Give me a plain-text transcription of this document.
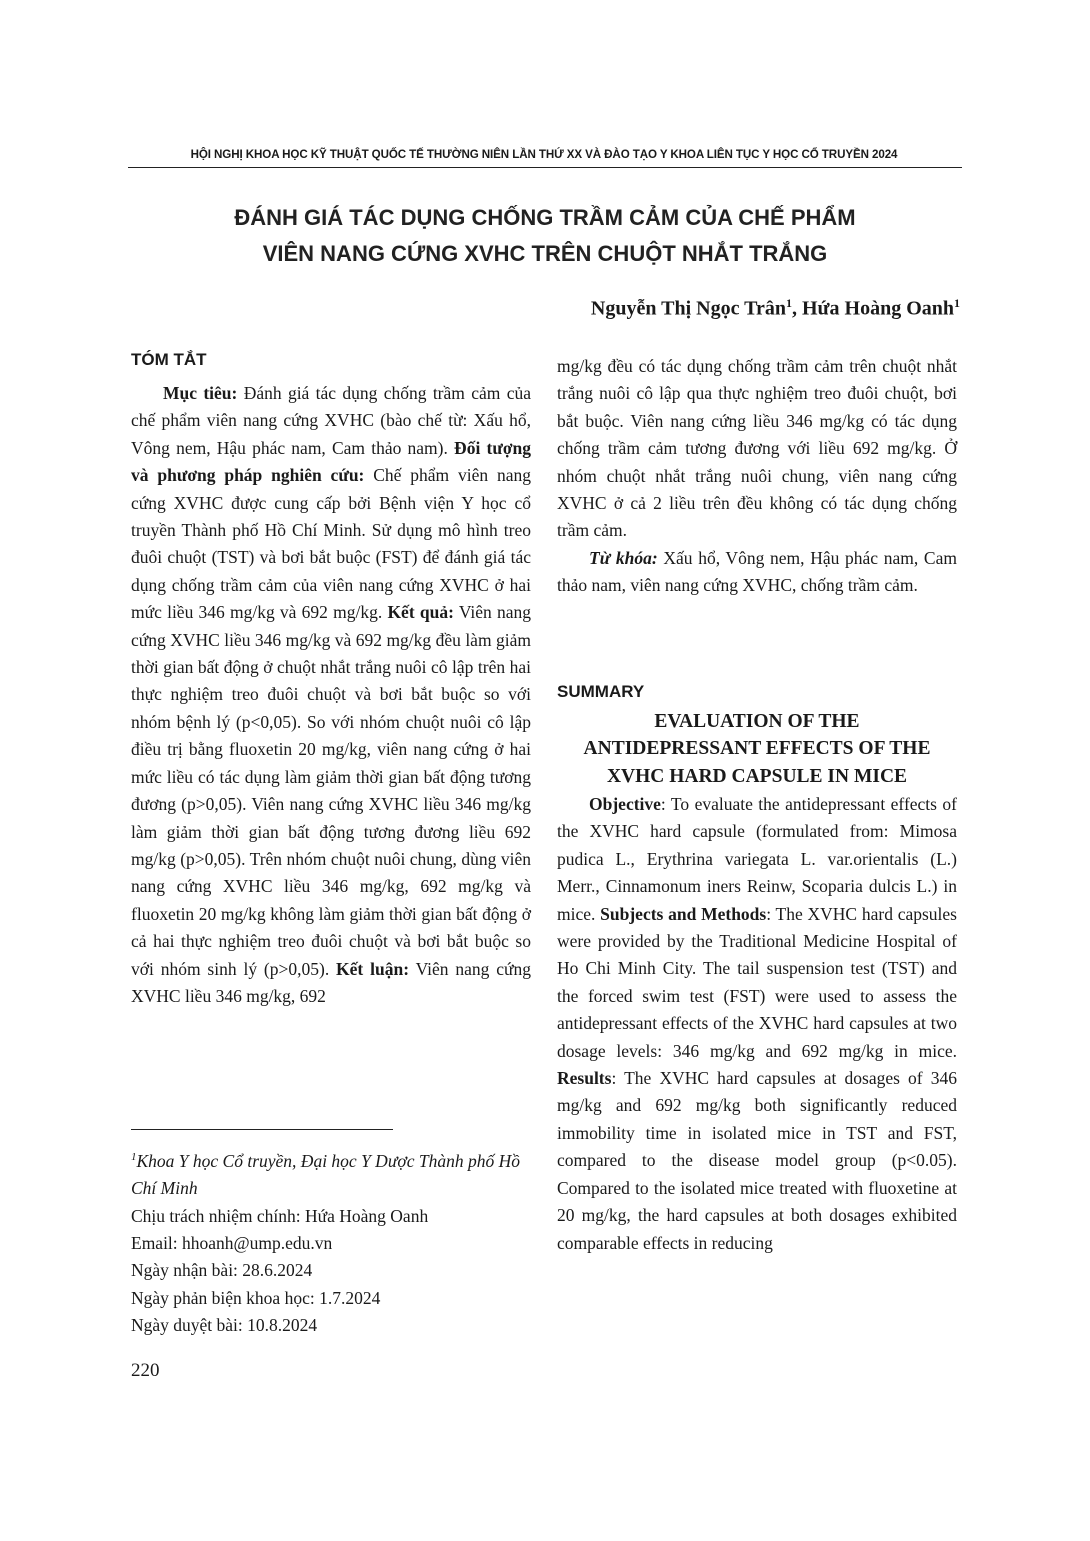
HỘI NGHỊ KHOA HỌC KỸ THUẬT QUỐC TẾ THƯỜNG NIÊN LẦN THỨ XX VÀ ĐÀO TẠO Y KHOA LIÊN TỤC Y HỌC CỔ TRUYỀN 2024
ĐÁNH GIÁ TÁC DỤNG CHỐNG TRẦM CẢM CỦA CHẾ PHẨM
VIÊN NANG CỨNG XVHC TRÊN CHUỘT NHẮT TRẮNG
Nguyễn Thị Ngọc Trân$^1$, Hứa Hoàng Oanh$^1$
TÓM TẮT

Mục tiêu: Đánh giá tác dụng chống trầm cảm của chế phẩm viên nang cứng XVHC (bào chế từ: Xấu hổ, Vông nem, Hậu phác nam, Cam thảo nam). Đối tượng và phương pháp nghiên cứu: Chế phẩm viên nang cứng XVHC được cung cấp bởi Bệnh viện Y học cổ truyền Thành phố Hồ Chí Minh. Sử dụng mô hình treo đuôi chuột (TST) và bơi bắt buộc (FST) để đánh giá tác dụng chống trầm cảm của viên nang cứng XVHC ở hai mức liều 346 mg/kg và 692 mg/kg. Kết quả: Viên nang cứng XVHC liều 346 mg/kg và 692 mg/kg đều làm giảm thời gian bất động ở chuột nhắt trắng nuôi cô lập trên hai thực nghiệm treo đuôi chuột và bơi bắt buộc so với nhóm bệnh lý (p<0,05). So với nhóm chuột nuôi cô lập điều trị bằng fluoxetin 20 mg/kg, viên nang cứng ở hai mức liều có tác dụng làm giảm thời gian bất động tương đương (p>0,05). Viên nang cứng XVHC liều 346 mg/kg làm giảm thời gian bất động tương đương liều 692 mg/kg (p>0,05). Trên nhóm chuột nuôi chung, dùng viên nang cứng XVHC liều 346 mg/kg, 692 mg/kg và fluoxetin 20 mg/kg không làm giảm thời gian bất động ở cả hai thực nghiệm treo đuôi chuột và bơi bắt buộc so với nhóm sinh lý (p>0,05). Kết luận: Viên nang cứng XVHC liều 346 mg/kg, 692

$^1$Khoa Y học Cổ truyền, Đại học Y Dược Thành phố Hồ Chí Minh
Chịu trách nhiệm chính: Hứa Hoàng Oanh
Email: hhoanh@ump.edu.vn
Ngày nhận bài: 28.6.2024
Ngày phản biện khoa học: 1.7.2024
Ngày duyệt bài: 10.8.2024

mg/kg đều có tác dụng chống trầm cảm trên chuột nhắt trắng nuôi cô lập qua thực nghiệm treo đuôi chuột, bơi bắt buộc. Viên nang cứng liều 346 mg/kg có tác dụng chống trầm cảm tương đương với liều 692 mg/kg. Ở nhóm chuột nhắt trắng nuôi chung, viên nang cứng XVHC ở cả 2 liều trên đều không có tác dụng chống trầm cảm.

Từ khóa: Xấu hổ, Vông nem, Hậu phác nam, Cam thảo nam, viên nang cứng XVHC, chống trầm cảm.

SUMMARY
EVALUATION OF THE
ANTIDEPRESSANT EFFECTS OF THE
XVHC HARD CAPSULE IN MICE

Objective: To evaluate the antidepressant effects of the XVHC hard capsule (formulated from: Mimosa pudica L., Erythrina variegata L. var.orientalis (L.) Merr., Cinnamonum iners Reinw, Scoparia dulcis L.) in mice. Subjects and Methods: The XVHC hard capsules were provided by the Traditional Medicine Hospital of Ho Chi Minh City. The tail suspension test (TST) and the forced swim test (FST) were used to assess the antidepressant effects of the XVHC hard capsules at two dosage levels: 346 mg/kg and 692 mg/kg in mice. Results: The XVHC hard capsules at dosages of 346 mg/kg and 692 mg/kg both significantly reduced immobility time in isolated mice in TST and FST, compared to the disease model group (p<0.05). Compared to the isolated mice treated with fluoxetine at 20 mg/kg, the hard capsules at both dosages exhibited comparable effects in reducing

220
